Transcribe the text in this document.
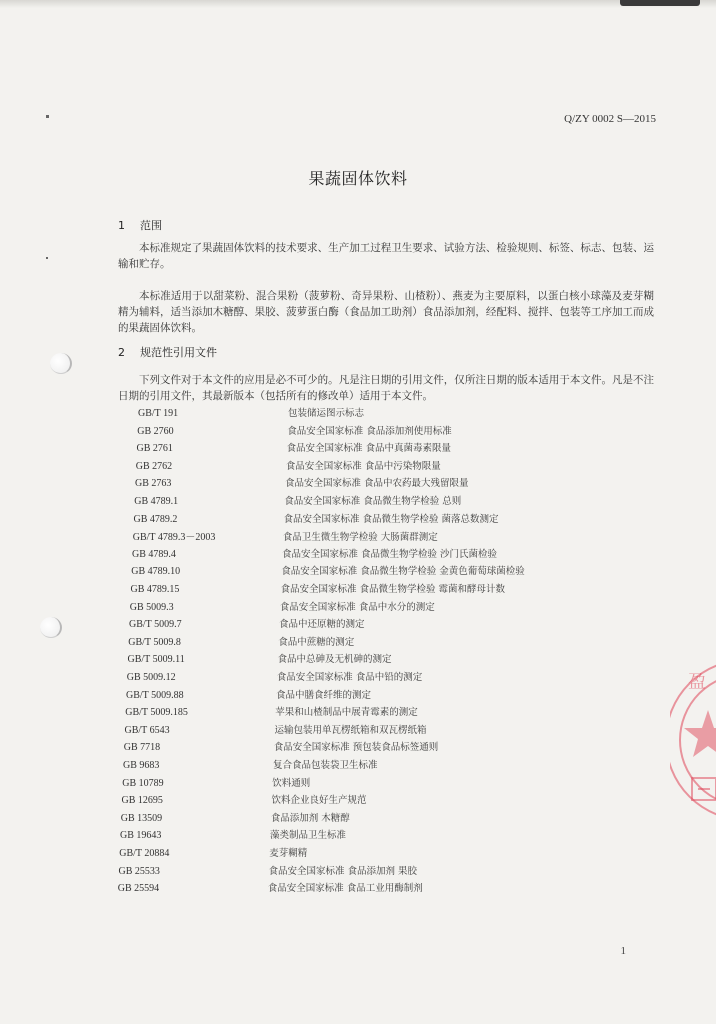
Q/ZY 0002 S—2015
果蔬固体饮料
1 范围
本标准规定了果蔬固体饮料的技术要求、生产加工过程卫生要求、试验方法、检验规则、标签、标志、包装、运输和贮存。
本标准适用于以甜菜粉、混合果粉（菠萝粉、奇异果粉、山楂粉）、燕麦为主要原料，以蛋白核小球藻及麦芽糊精为辅料，适当添加木糖醇、果胶、菠萝蛋白酶（食品加工助剂）食品添加剂，经配料、搅拌、包装等工序加工而成的果蔬固体饮料。
2 规范性引用文件
下列文件对于本文件的应用是必不可少的。凡是注日期的引用文件，仅所注日期的版本适用于本文件。凡是不注日期的引用文件，其最新版本（包括所有的修改单）适用于本文件。
GB/T 191	包装储运图示标志
GB 2760	食品安全国家标准 食品添加剂使用标准
GB 2761	食品安全国家标准 食品中真菌毒素限量
GB 2762	食品安全国家标准 食品中污染物限量
GB 2763	食品安全国家标准 食品中农药最大残留限量
GB 4789.1	食品安全国家标准 食品微生物学检验 总则
GB 4789.2	食品安全国家标准 食品微生物学检验 菌落总数测定
GB/T 4789.3－2003	食品卫生微生物学检验 大肠菌群测定
GB 4789.4	食品安全国家标准 食品微生物学检验 沙门氏菌检验
GB 4789.10	食品安全国家标准 食品微生物学检验 金黄色葡萄球菌检验
GB 4789.15	食品安全国家标准 食品微生物学检验 霉菌和酵母计数
GB 5009.3	食品安全国家标准 食品中水分的测定
GB/T 5009.7	食品中还原糖的测定
GB/T 5009.8	食品中蔗糖的测定
GB/T 5009.11	食品中总砷及无机砷的测定
GB 5009.12	食品安全国家标准 食品中铅的测定
GB/T 5009.88	食品中膳食纤维的测定
GB/T 5009.185	苹果和山楂制品中展青霉素的测定
GB/T 6543	运输包装用单瓦楞纸箱和双瓦楞纸箱
GB 7718	食品安全国家标准 预包装食品标签通则
GB 9683	复合食品包装袋卫生标准
GB 10789	饮料通则
GB 12695	饮料企业良好生产规范
GB 13509	食品添加剂 木糖醇
GB 19643	藻类制品卫生标准
GB/T 20884	麦芽糊精
GB 25533	食品安全国家标准 食品添加剂 果胶
GB 25594	食品安全国家标准 食品工业用酶制剂
盈
1
